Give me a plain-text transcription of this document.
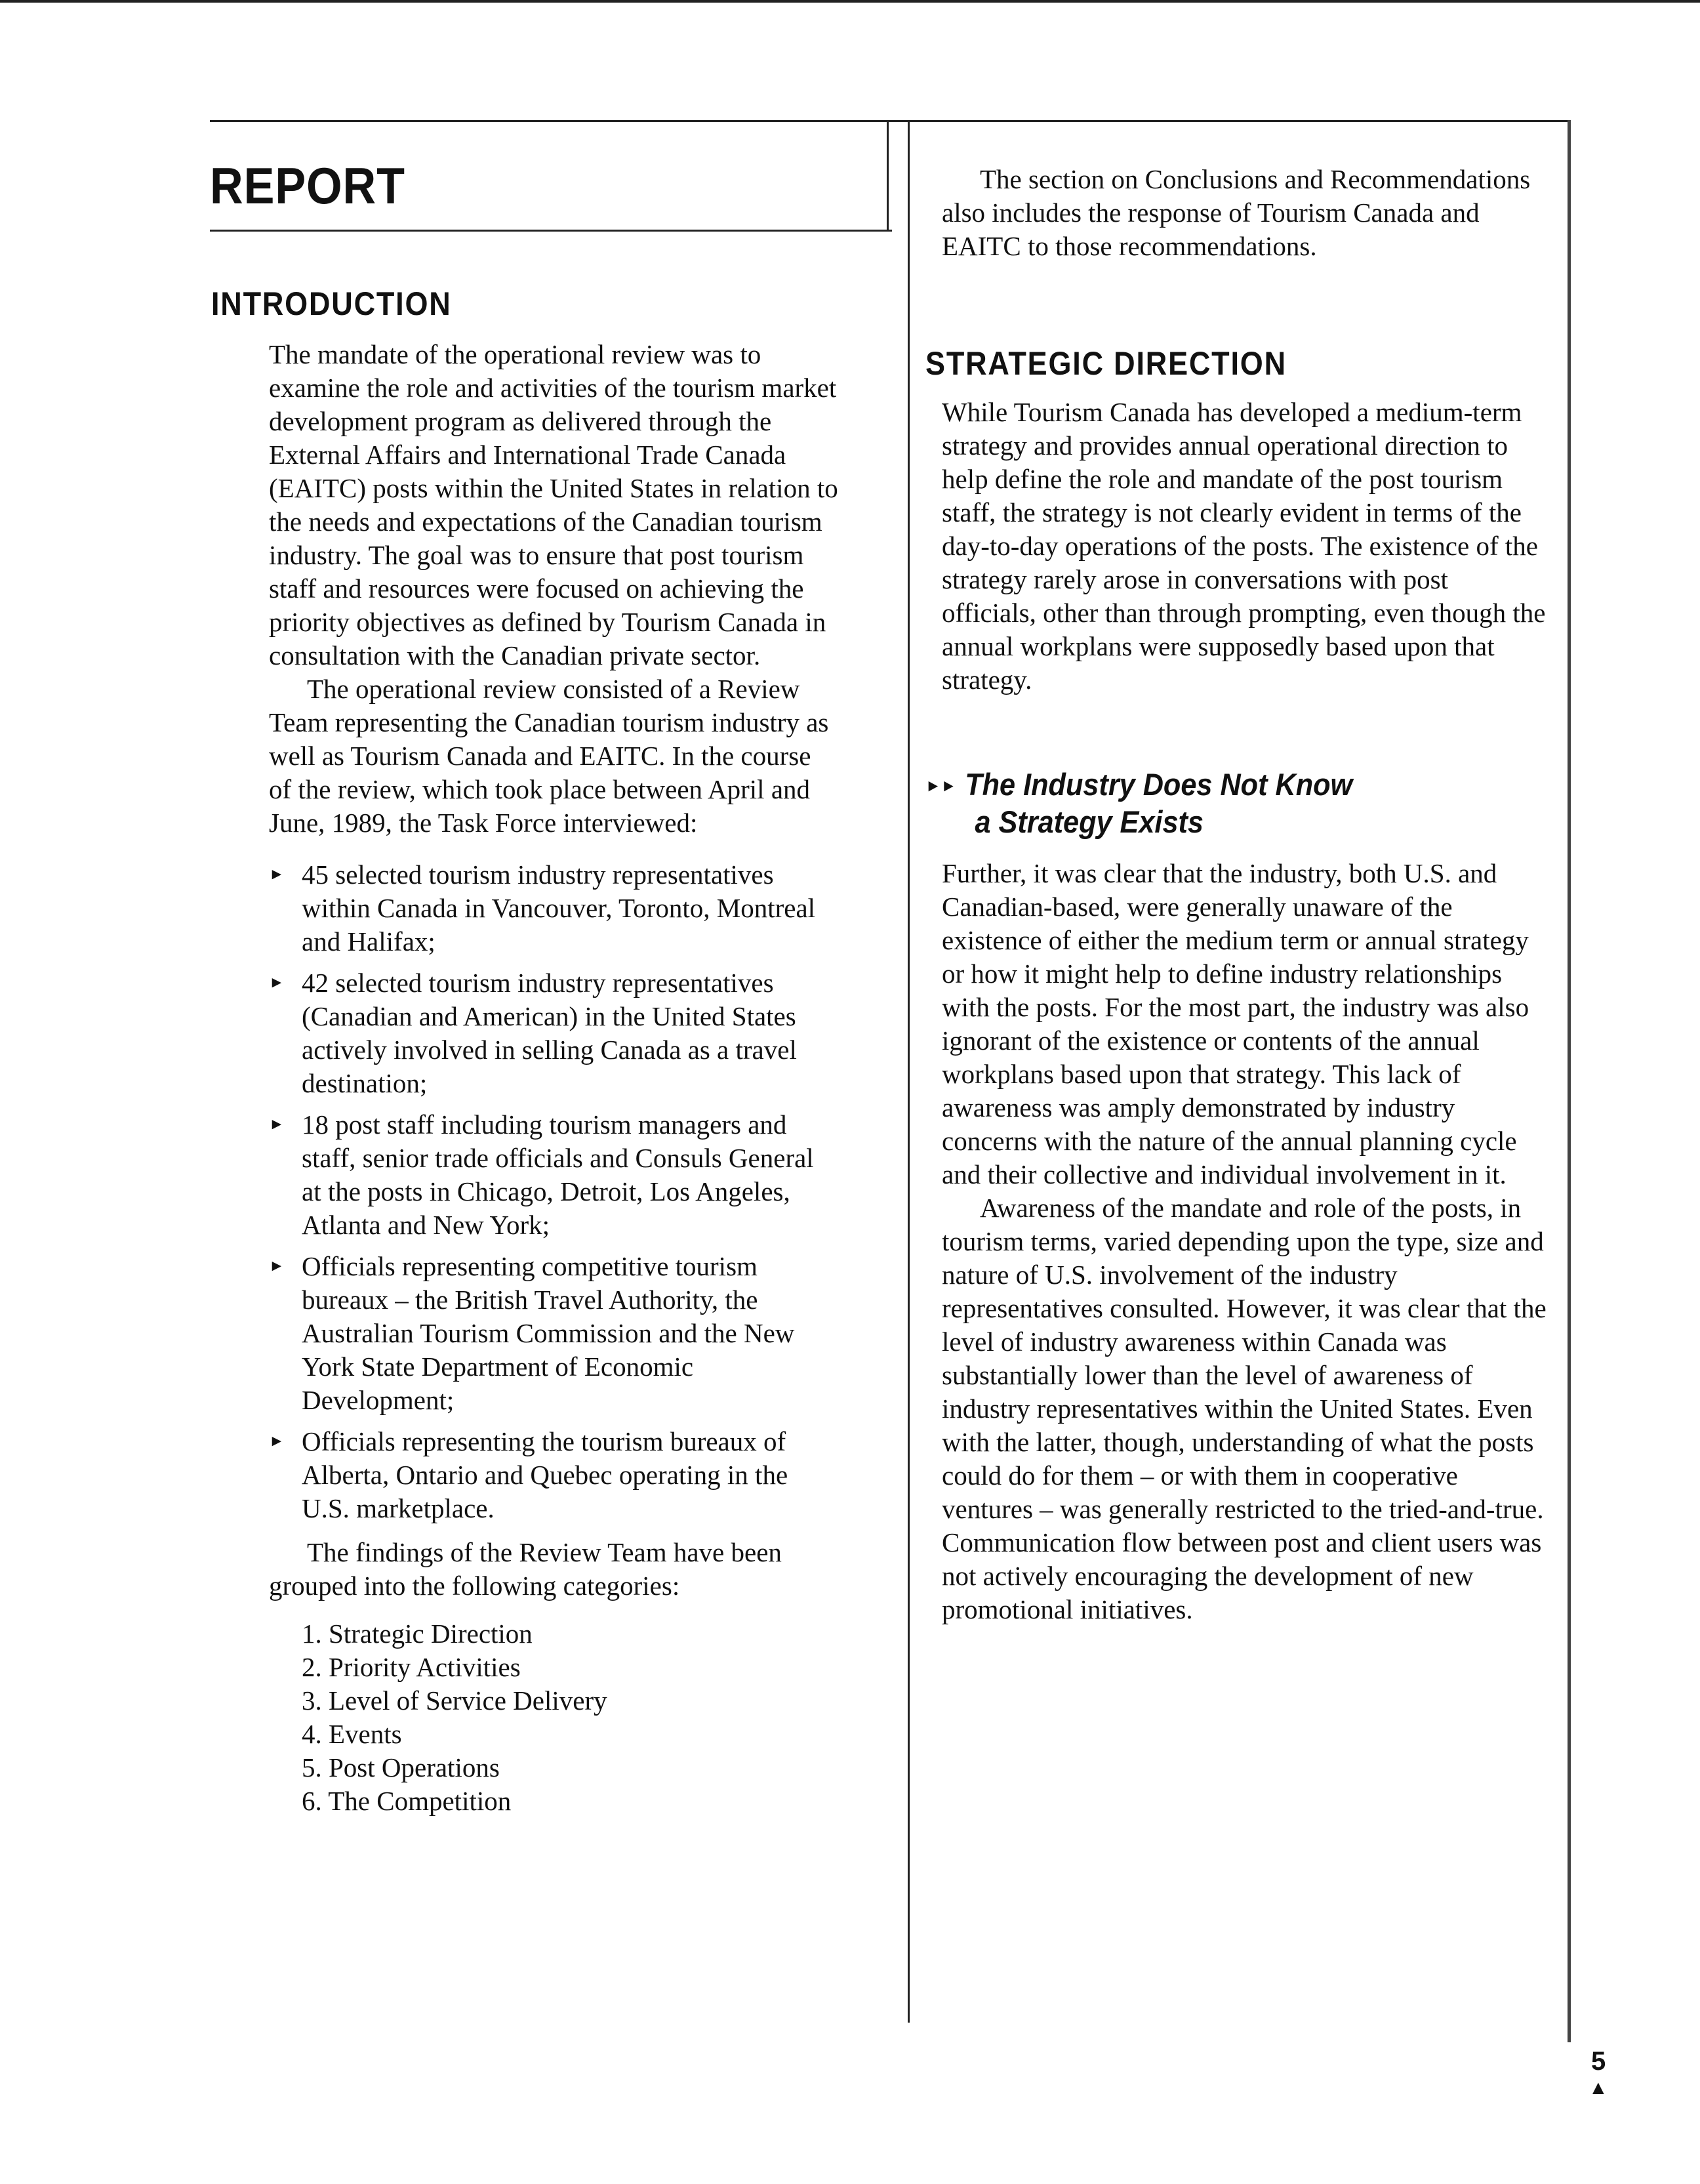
REPORT
INTRODUCTION

The mandate of the operational review was to examine the role and activities of the tourism market development program as delivered through the External Affairs and International Trade Canada (EAITC) posts within the United States in relation to the needs and expectations of the Canadian tourism industry. The goal was to ensure that post tourism staff and resources were focused on achieving the priority objectives as defined by Tourism Canada in consultation with the Canadian private sector.

The operational review consisted of a Review Team representing the Canadian tourism industry as well as Tourism Canada and EAITC. In the course of the review, which took place between April and June, 1989, the Task Force interviewed:

► 45 selected tourism industry representatives within Canada in Vancouver, Toronto, Montreal and Halifax;
► 42 selected tourism industry representatives (Canadian and American) in the United States actively involved in selling Canada as a travel destination;
► 18 post staff including tourism managers and staff, senior trade officials and Consuls General at the posts in Chicago, Detroit, Los Angeles, Atlanta and New York;
► Officials representing competitive tourism bureaux – the British Travel Authority, the Australian Tourism Commission and the New York State Department of Economic Development;
► Officials representing the tourism bureaux of Alberta, Ontario and Quebec operating in the U.S. marketplace.

The findings of the Review Team have been grouped into the following categories:

1. Strategic Direction
2. Priority Activities
3. Level of Service Delivery
4. Events
5. Post Operations
6. The Competition

The section on Conclusions and Recommendations also includes the response of Tourism Canada and EAITC to those recommendations.

STRATEGIC DIRECTION

While Tourism Canada has developed a medium-term strategy and provides annual operational direction to help define the role and mandate of the post tourism staff, the strategy is not clearly evident in terms of the day-to-day operations of the posts. The existence of the strategy rarely arose in conversations with post officials, other than through prompting, even though the annual workplans were supposedly based upon that strategy.

►► The Industry Does Not Know
a Strategy Exists

Further, it was clear that the industry, both U.S. and Canadian-based, were generally unaware of the existence of either the medium term or annual strategy or how it might help to define industry relationships with the posts. For the most part, the industry was also ignorant of the existence or contents of the annual workplans based upon that strategy. This lack of awareness was amply demonstrated by industry concerns with the nature of the annual planning cycle and their collective and individual involvement in it.

Awareness of the mandate and role of the posts, in tourism terms, varied depending upon the type, size and nature of U.S. involvement of the industry representatives consulted. However, it was clear that the level of industry awareness within Canada was substantially lower than the level of awareness of industry representatives within the United States. Even with the latter, though, understanding of what the posts could do for them – or with them in cooperative ventures – was generally restricted to the tried-and-true. Communication flow between post and client users was not actively encouraging the development of new promotional initiatives.

5
▲
